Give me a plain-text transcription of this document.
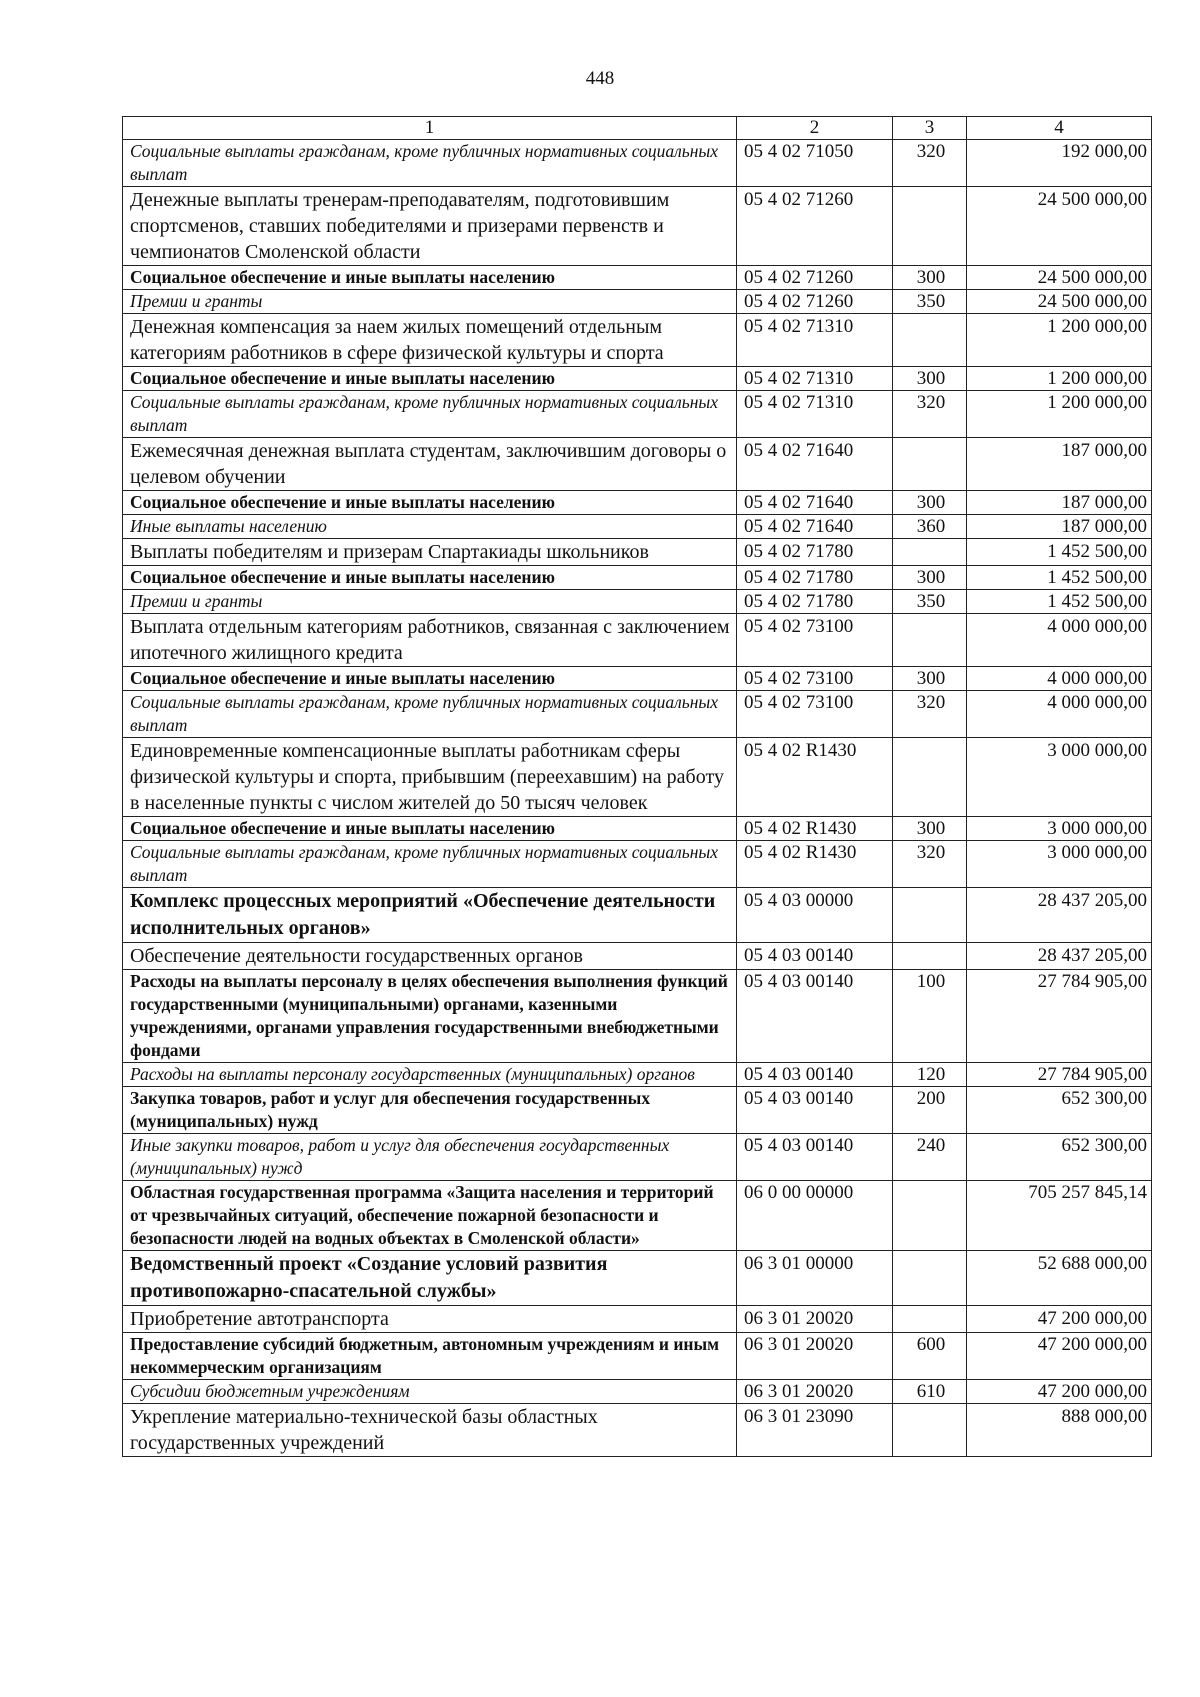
448
1	2	3	4
Социальные выплаты гражданам, кроме публичных нормативных социальных выплат	05 4 02 71050	320	192 000,00
Денежные выплаты тренерам-преподавателям, подготовившим спортсменов, ставших победителями и призерами первенств и чемпионатов Смоленской области	05 4 02 71260		24 500 000,00
Социальное обеспечение и иные выплаты населению	05 4 02 71260	300	24 500 000,00
Премии и гранты	05 4 02 71260	350	24 500 000,00
Денежная компенсация за наем жилых помещений отдельным категориям работников в сфере физической культуры и спорта	05 4 02 71310		1 200 000,00
Социальное обеспечение и иные выплаты населению	05 4 02 71310	300	1 200 000,00
Социальные выплаты гражданам, кроме публичных нормативных социальных выплат	05 4 02 71310	320	1 200 000,00
Ежемесячная денежная выплата студентам, заключившим договоры о целевом обучении	05 4 02 71640		187 000,00
Социальное обеспечение и иные выплаты населению	05 4 02 71640	300	187 000,00
Иные выплаты населению	05 4 02 71640	360	187 000,00
Выплаты победителям и призерам Спартакиады школьников	05 4 02 71780		1 452 500,00
Социальное обеспечение и иные выплаты населению	05 4 02 71780	300	1 452 500,00
Премии и гранты	05 4 02 71780	350	1 452 500,00
Выплата отдельным категориям работников, связанная с заключением ипотечного жилищного кредита	05 4 02 73100		4 000 000,00
Социальное обеспечение и иные выплаты населению	05 4 02 73100	300	4 000 000,00
Социальные выплаты гражданам, кроме публичных нормативных социальных выплат	05 4 02 73100	320	4 000 000,00
Единовременные компенсационные выплаты работникам сферы физической культуры и спорта, прибывшим (переехавшим) на работу в населенные пункты с числом жителей до 50 тысяч человек	05 4 02 R1430		3 000 000,00
Социальное обеспечение и иные выплаты населению	05 4 02 R1430	300	3 000 000,00
Социальные выплаты гражданам, кроме публичных нормативных социальных выплат	05 4 02 R1430	320	3 000 000,00
Комплекс процессных мероприятий «Обеспечение деятельности исполнительных органов»	05 4 03 00000		28 437 205,00
Обеспечение деятельности государственных органов	05 4 03 00140		28 437 205,00
Расходы на выплаты персоналу в целях обеспечения выполнения функций государственными (муниципальными) органами, казенными учреждениями, органами управления государственными внебюджетными фондами	05 4 03 00140	100	27 784 905,00
Расходы на выплаты персоналу государственных (муниципальных) органов	05 4 03 00140	120	27 784 905,00
Закупка товаров, работ и услуг для обеспечения государственных (муниципальных) нужд	05 4 03 00140	200	652 300,00
Иные закупки товаров, работ и услуг для обеспечения государственных (муниципальных) нужд	05 4 03 00140	240	652 300,00
Областная государственная программа «Защита населения и территорий от чрезвычайных ситуаций, обеспечение пожарной безопасности и безопасности людей на водных объектах в Смоленской области»	06 0 00 00000		705 257 845,14
Ведомственный проект «Создание условий развития противопожарно-спасательной службы»	06 3 01 00000		52 688 000,00
Приобретение автотранспорта	06 3 01 20020		47 200 000,00
Предоставление субсидий бюджетным, автономным учреждениям и иным некоммерческим организациям	06 3 01 20020	600	47 200 000,00
Субсидии бюджетным учреждениям	06 3 01 20020	610	47 200 000,00
Укрепление материально-технической базы областных государственных учреждений	06 3 01 23090		888 000,00
